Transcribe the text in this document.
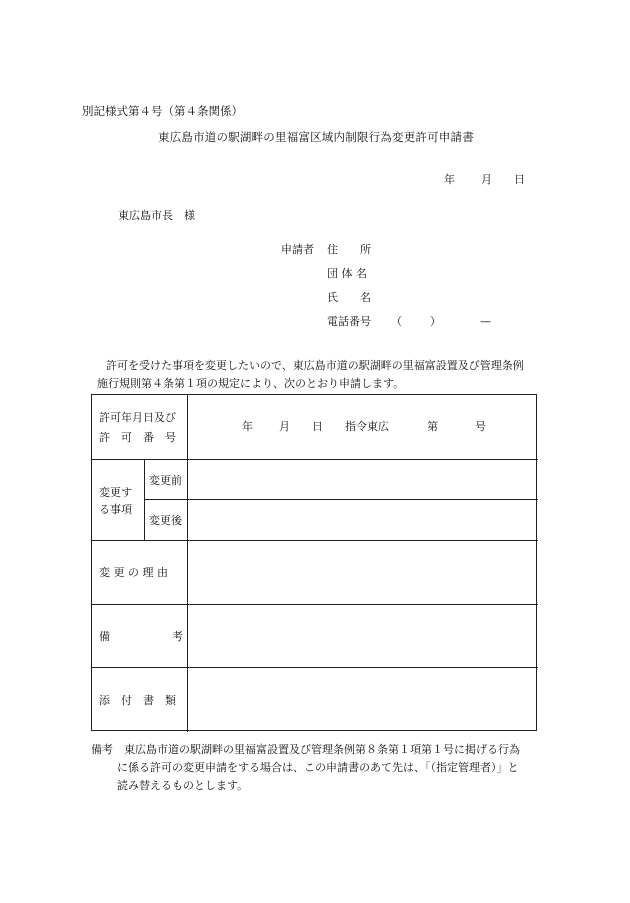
別記様式第４号（第４条関係）
東広島市道の駅湖畔の里福富区域内制限行為変更許可申請書
年 月 日
東広島市長　様
申請者 住　　所
団 体 名
氏　　名
電話番号 （	）	—
許可を受けた事項を変更したいので、東広島市道の駅湖畔の里福富設置及び管理条例
施行規則第４条第１項の規定により、次のとおり申請します。
許可年月日及び
許　可　番　号
年 月 日 指令東広	第	号
変更す
る事項
変更前
変更後
変 更 の 理 由
備	考
添　付　書　類
備考　東広島市道の駅湖畔の里福富設置及び管理条例第８条第１項第１号に掲げる行為
に係る許可の変更申請をする場合は、この申請書のあて先は、「（指定管理者）」と
読み替えるものとします。
